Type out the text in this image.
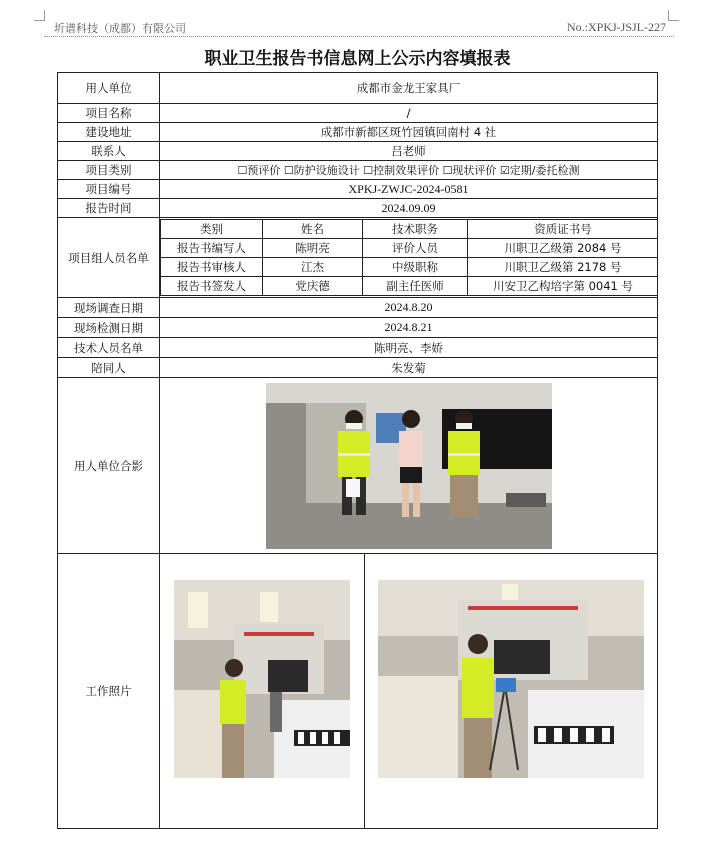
圻谱科技（成都）有限公司	No.:XPKJ-JSJL-227
职业卫生报告书信息网上公示内容填报表
用人单位	成都市金龙王家具厂
项目名称	/
建设地址	成都市新都区斑竹园镇回南村 4 社
联系人	吕老师
项目类别	☐预评价 ☐防护设施设计 ☐控制效果评价 ☐现状评价 ☑定期/委托检测
项目编号	XPKJ-ZWJC-2024-0581
报告时间	2024.09.09
项目组人员名单	
类别	姓名	技术职务	资质证书号
报告书编写人	陈明亮	评价人员	川职卫乙级第 2084 号
报告书审核人	江杰	中级职称	川职卫乙级第 2178 号
报告书签发人	党庆德	副主任医师	川安卫乙构培字第 0041 号

现场调查日期	2024.8.20
现场检测日期	2024.8.21
技术人员名单	陈明亮、李娇
陪同人	朱发菊
用人单位合影	

工作照片	
